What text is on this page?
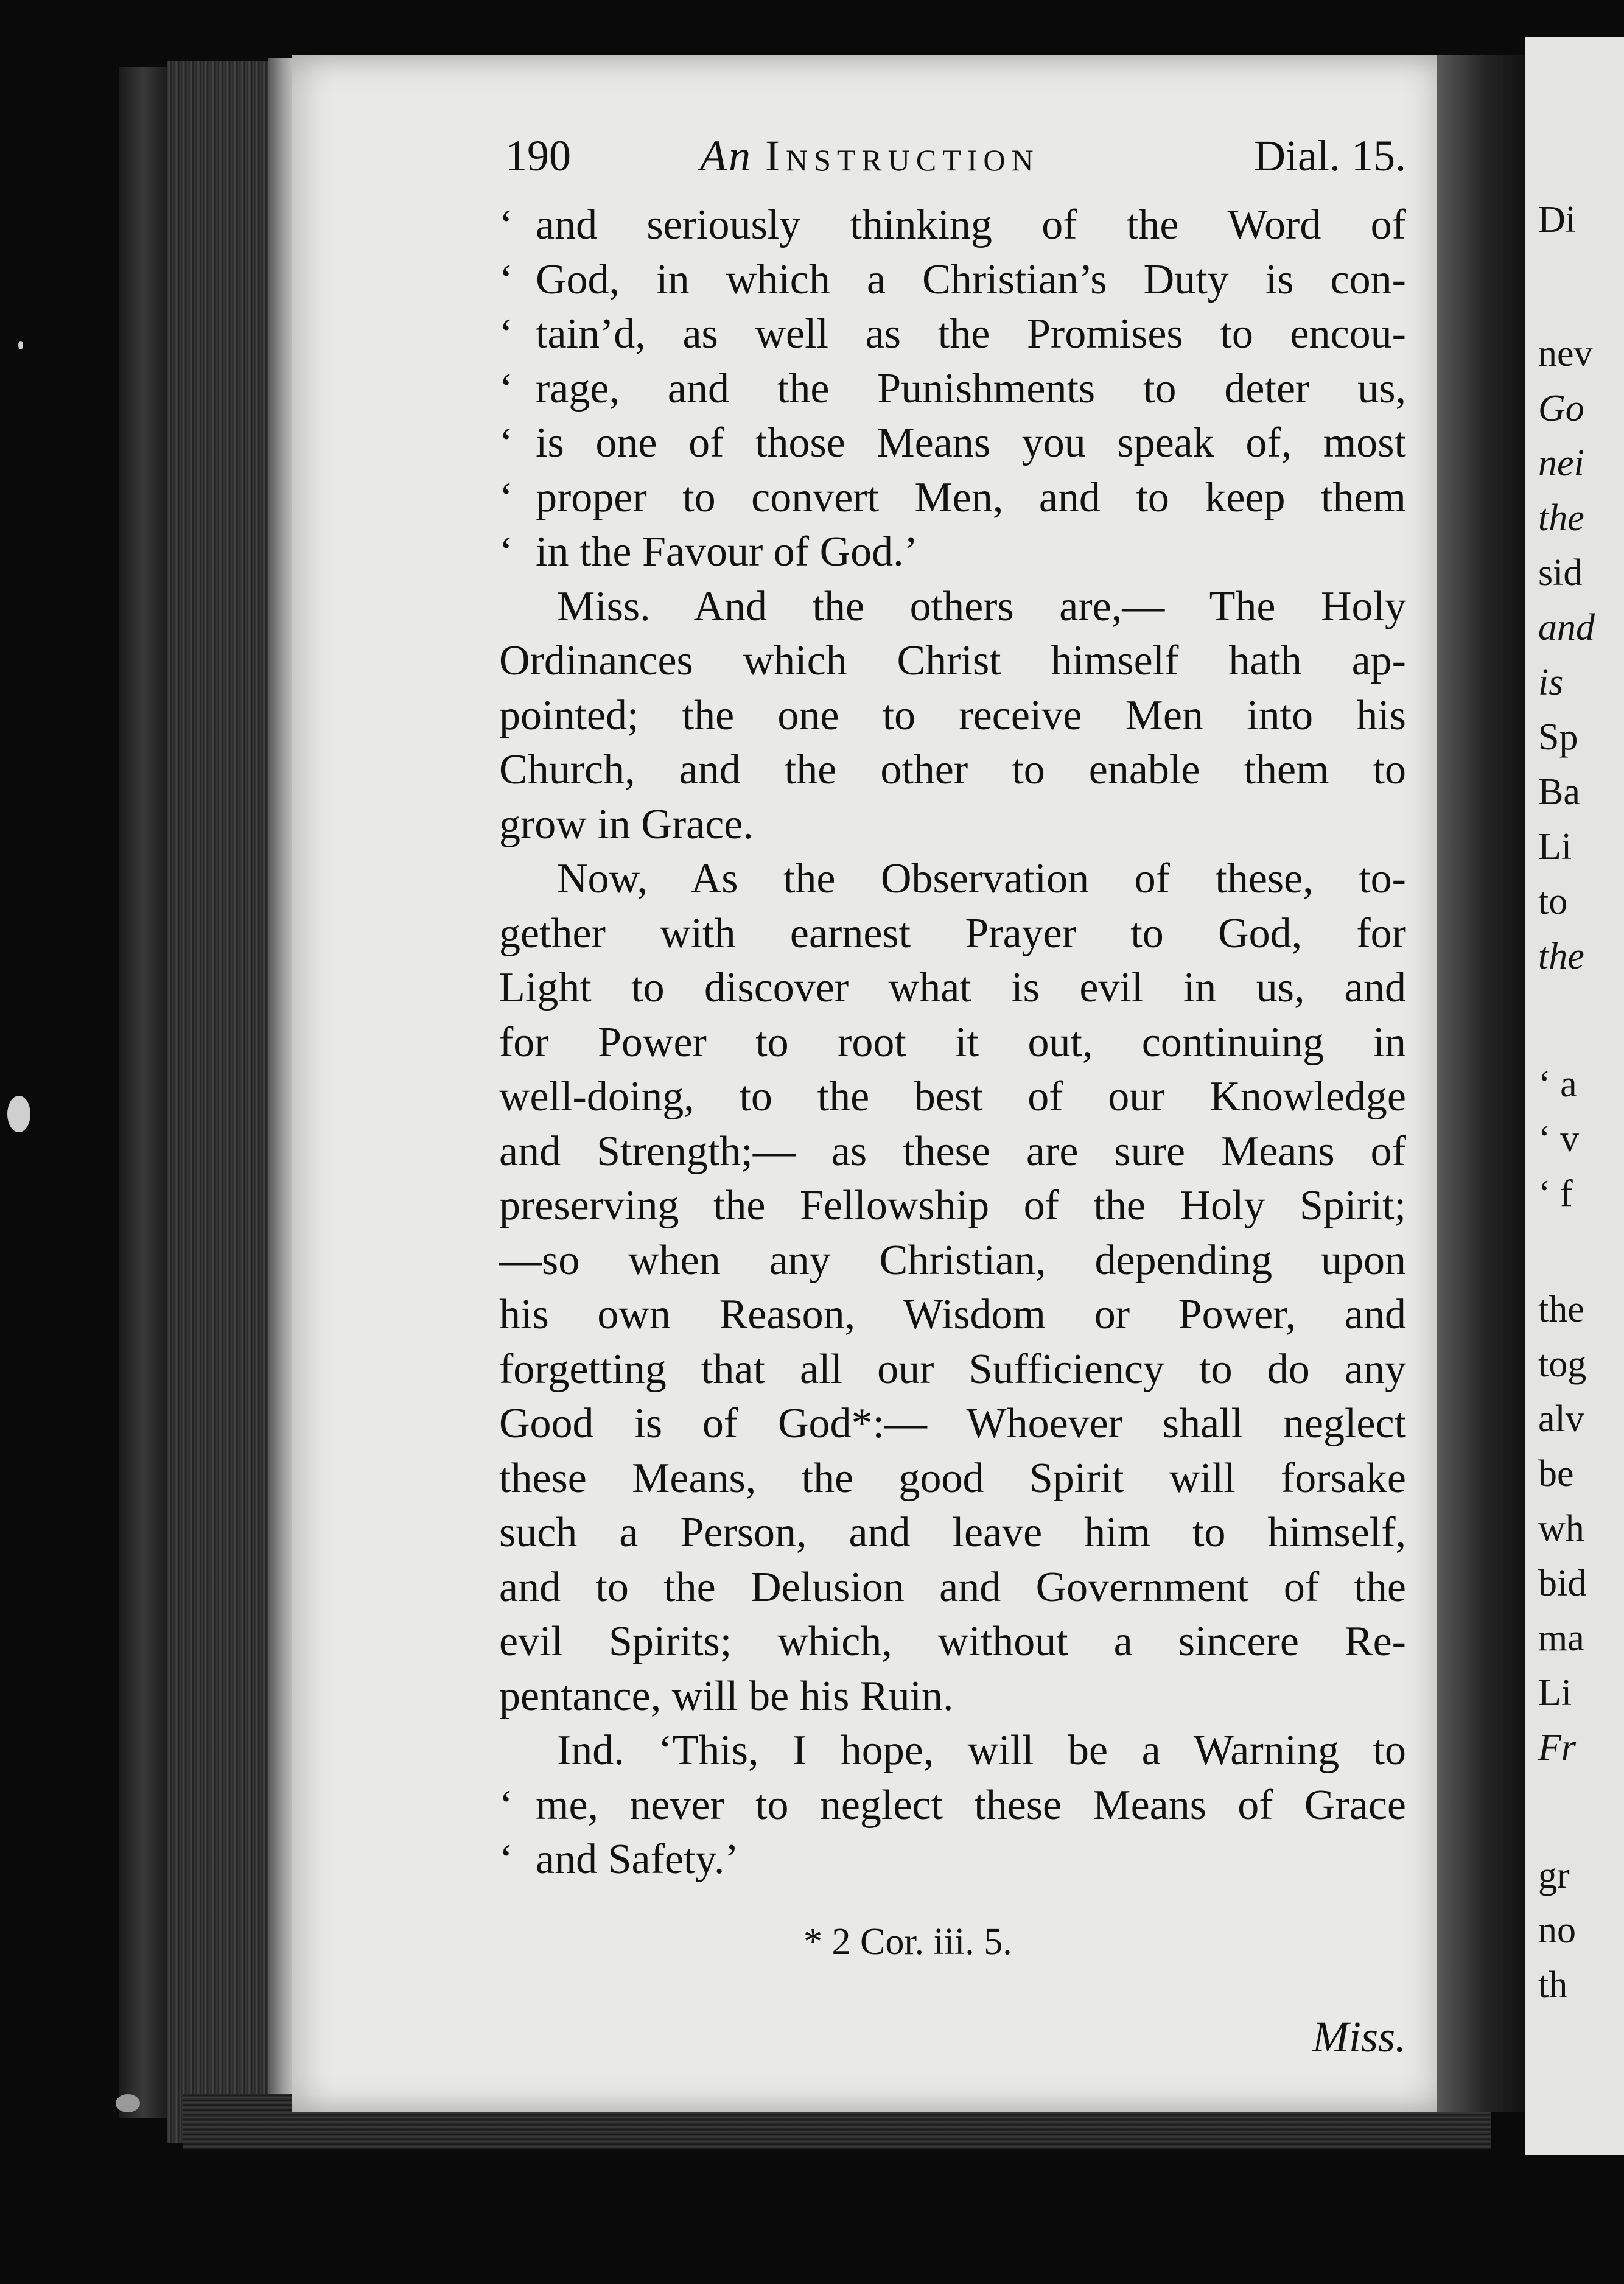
Di
nev
Go
nei
the
sid
and
is
Sp
Ba
Li
to
the
‘ a
‘ v
‘ f
the
tog
alv
be
wh
bid
ma
Li
Fr
gr
no
th
190	An Instruction	Dial. 15.
‘ and seriously thinking of the Word of
‘ God, in which a Christian’s Duty is con-
‘ tain’d, as well as the Promises to encou-
‘ rage, and the Punishments to deter us,
‘ is one of those Means you speak of, most
‘ proper to convert Men, and to keep them
‘ in the Favour of God.’
Miss. And the others are,— The Holy
Ordinances which Christ himself hath ap-
pointed; the one to receive Men into his
Church, and the other to enable them to
grow in Grace.
Now, As the Observation of these, to-
gether with earnest Prayer to God, for
Light to discover what is evil in us, and
for Power to root it out, continuing in
well-doing, to the best of our Knowledge
and Strength;— as these are sure Means of
preserving the Fellowship of the Holy Spirit;
—so when any Christian, depending upon
his own Reason, Wisdom or Power, and
forgetting that all our Sufficiency to do any
Good is of God*:— Whoever shall neglect
these Means, the good Spirit will forsake
such a Person, and leave him to himself,
and to the Delusion and Government of the
evil Spirits; which, without a sincere Re-
pentance, will be his Ruin.
Ind. ‘This, I hope, will be a Warning to
‘ me, never to neglect these Means of Grace
‘ and Safety.’
* 2 Cor. iii. 5.
Miss.
